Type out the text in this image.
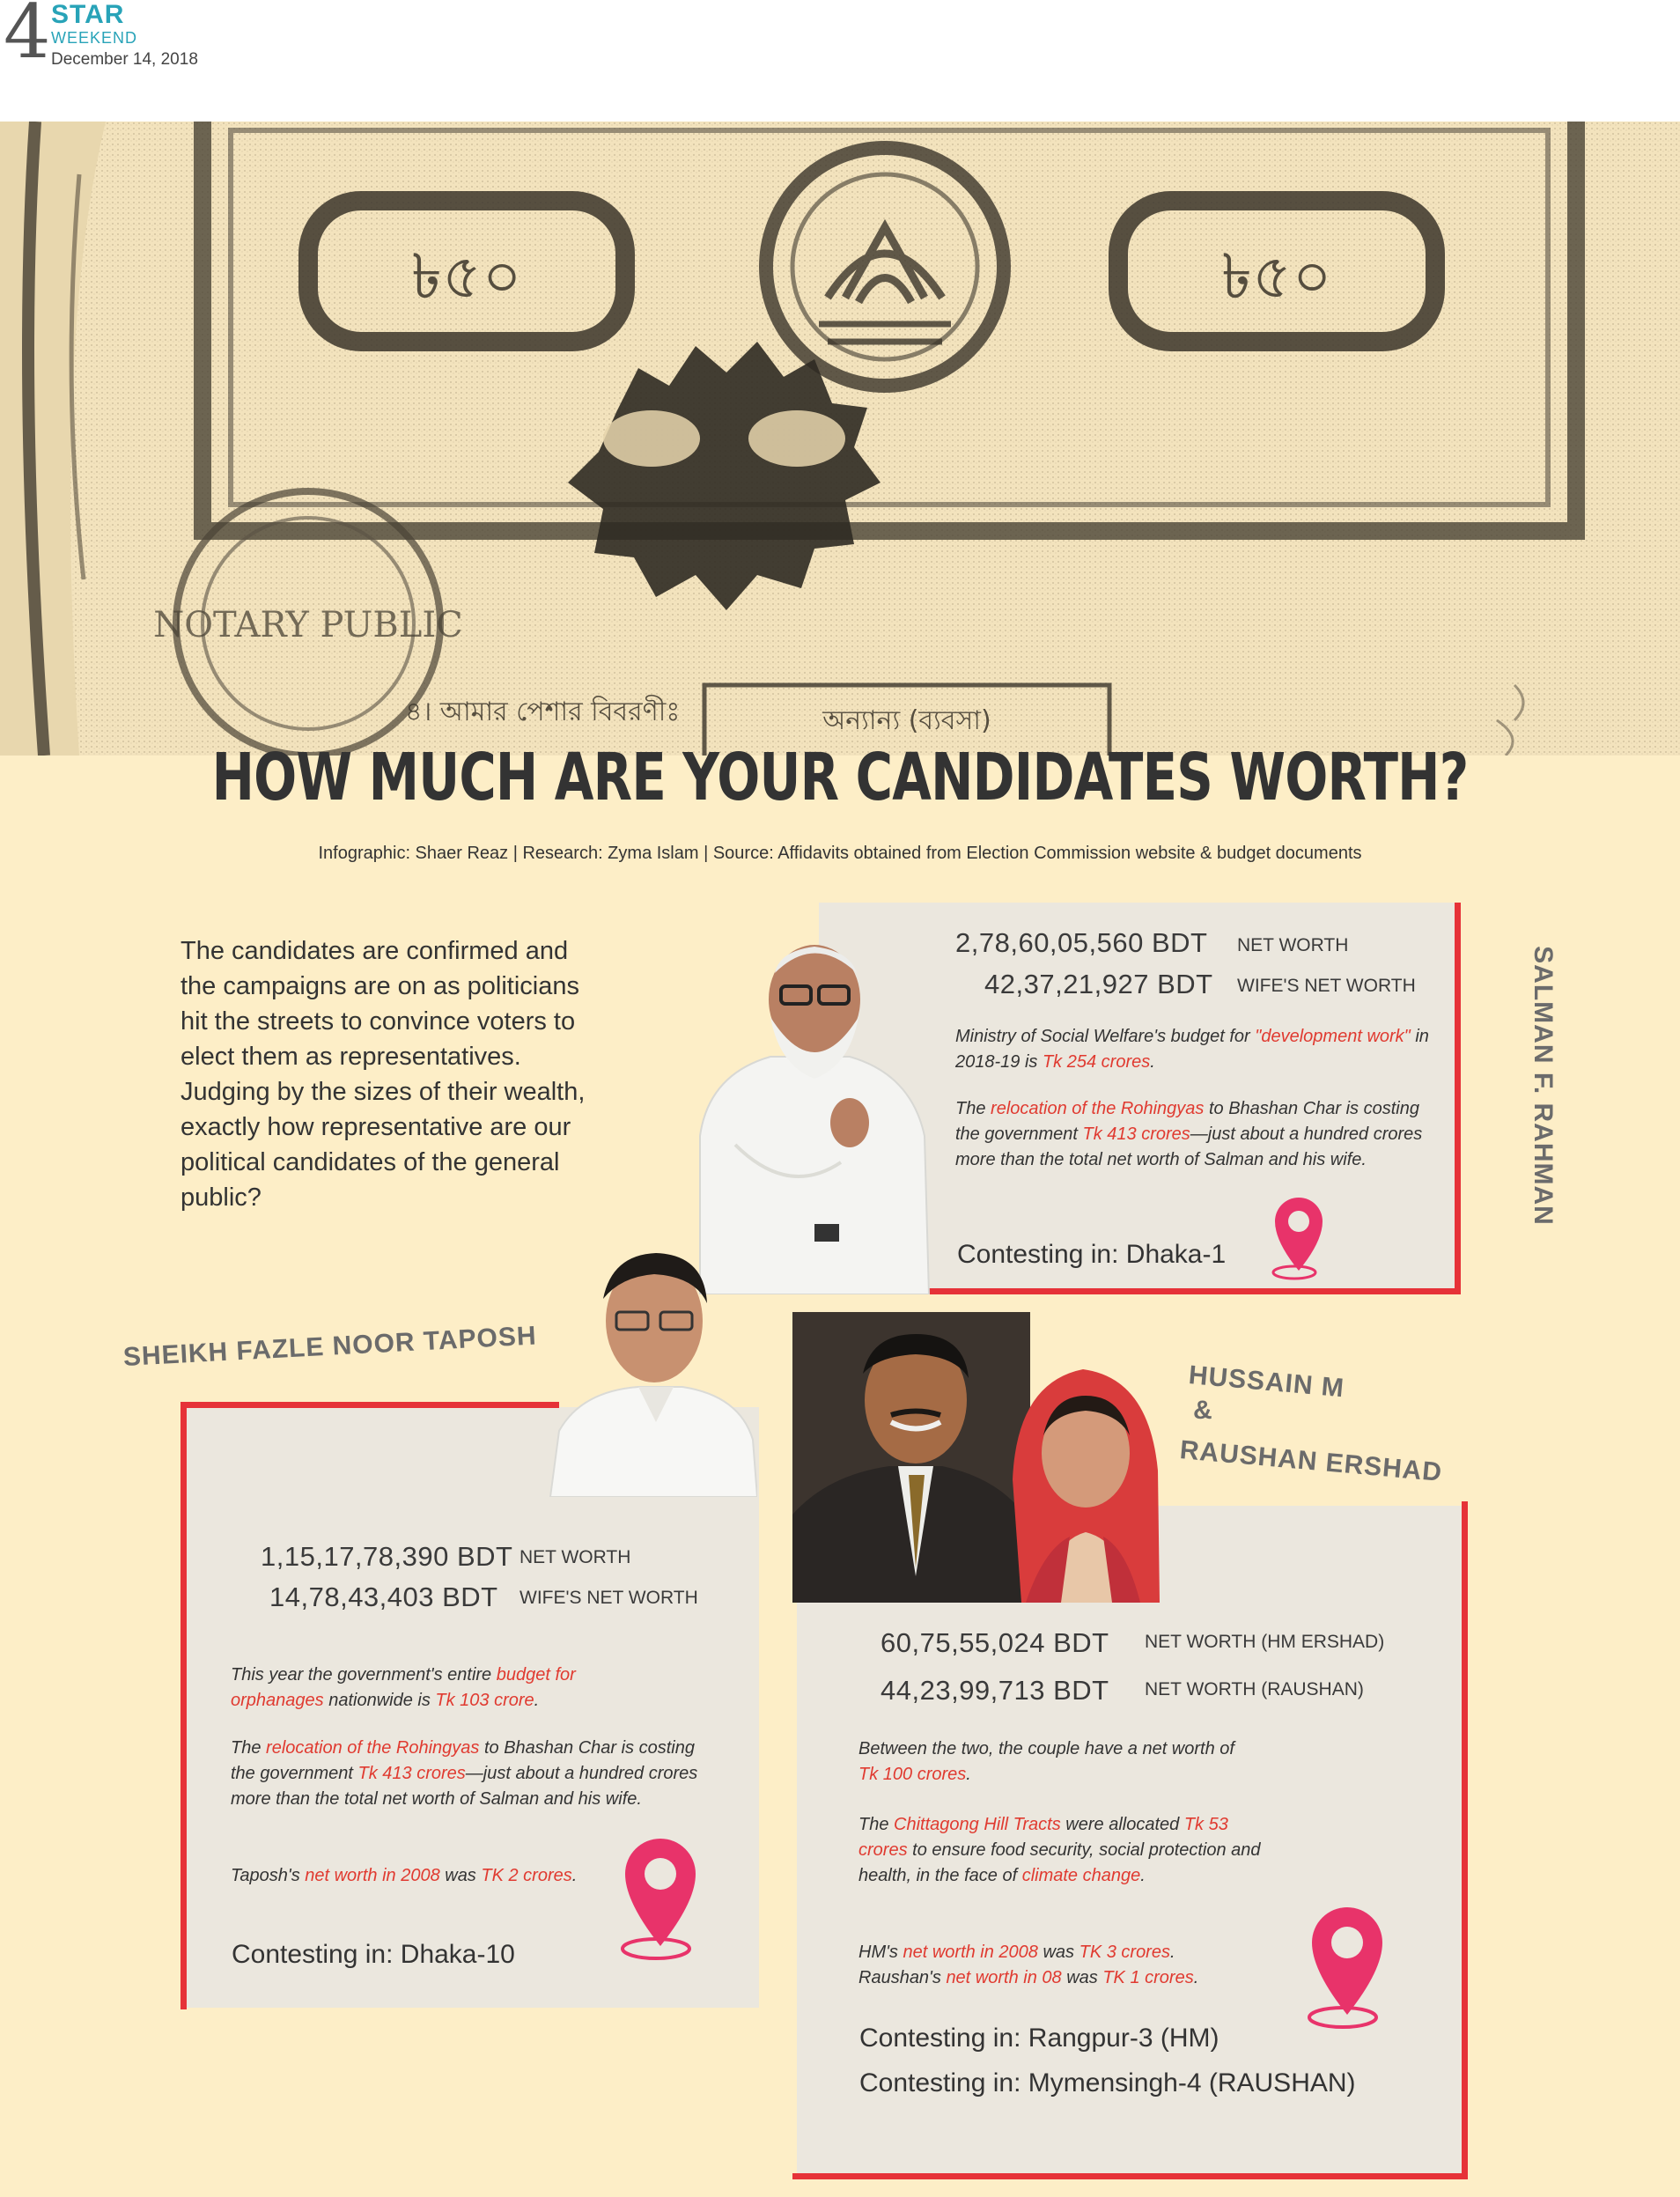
4 STAR
WEEKEND
December 14, 2018
৳৫০	৳৫০
NOTARY PUBLIC
৪। আমার পেশার বিবরণীঃ	অন্যান্য (ব্যবসা)
HOW MUCH ARE YOUR CANDIDATES WORTH?
Infographic: Shaer Reaz | Research: Zyma Islam | Source: Affidavits obtained from Election Commission website & budget documents
The candidates are confirmed and the campaigns are on as politicians hit the streets to convince voters to elect them as representatives. Judging by the sizes of their wealth, exactly how representative are our political candidates of the general public?
2,78,60,05,560 BDT NET WORTH
42,37,21,927 BDT WIFE'S NET WORTH
Ministry of Social Welfare's budget for "development work" in 2018-19 is Tk 254 crores.
The relocation of the Rohingyas to Bhashan Char is costing the government Tk 413 crores—just about a hundred crores more than the total net worth of Salman and his wife.
Contesting in: Dhaka-1
SALMAN F. RAHMAN
SHEIKH FAZLE NOOR TAPOSH
1,15,17,78,390 BDT NET WORTH
14,78,43,403 BDT WIFE'S NET WORTH
This year the government's entire budget for orphanages nationwide is Tk 103 crore.
The relocation of the Rohingyas to Bhashan Char is costing the government Tk 413 crores—just about a hundred crores more than the total net worth of Salman and his wife.
Taposh's net worth in 2008 was TK 2 crores.
Contesting in: Dhaka-10
HUSSAIN M
&
RAUSHAN ERSHAD
60,75,55,024 BDT NET WORTH (HM ERSHAD)
44,23,99,713 BDT NET WORTH (RAUSHAN)
Between the two, the couple have a net worth of Tk 100 crores.
The Chittagong Hill Tracts were allocated Tk 53 crores to ensure food security, social protection and health, in the face of climate change.
HM's net worth in 2008 was TK 3 crores.
Raushan's net worth in 08 was TK 1 crores.
Contesting in: Rangpur-3 (HM)
Contesting in: Mymensingh-4 (RAUSHAN)
